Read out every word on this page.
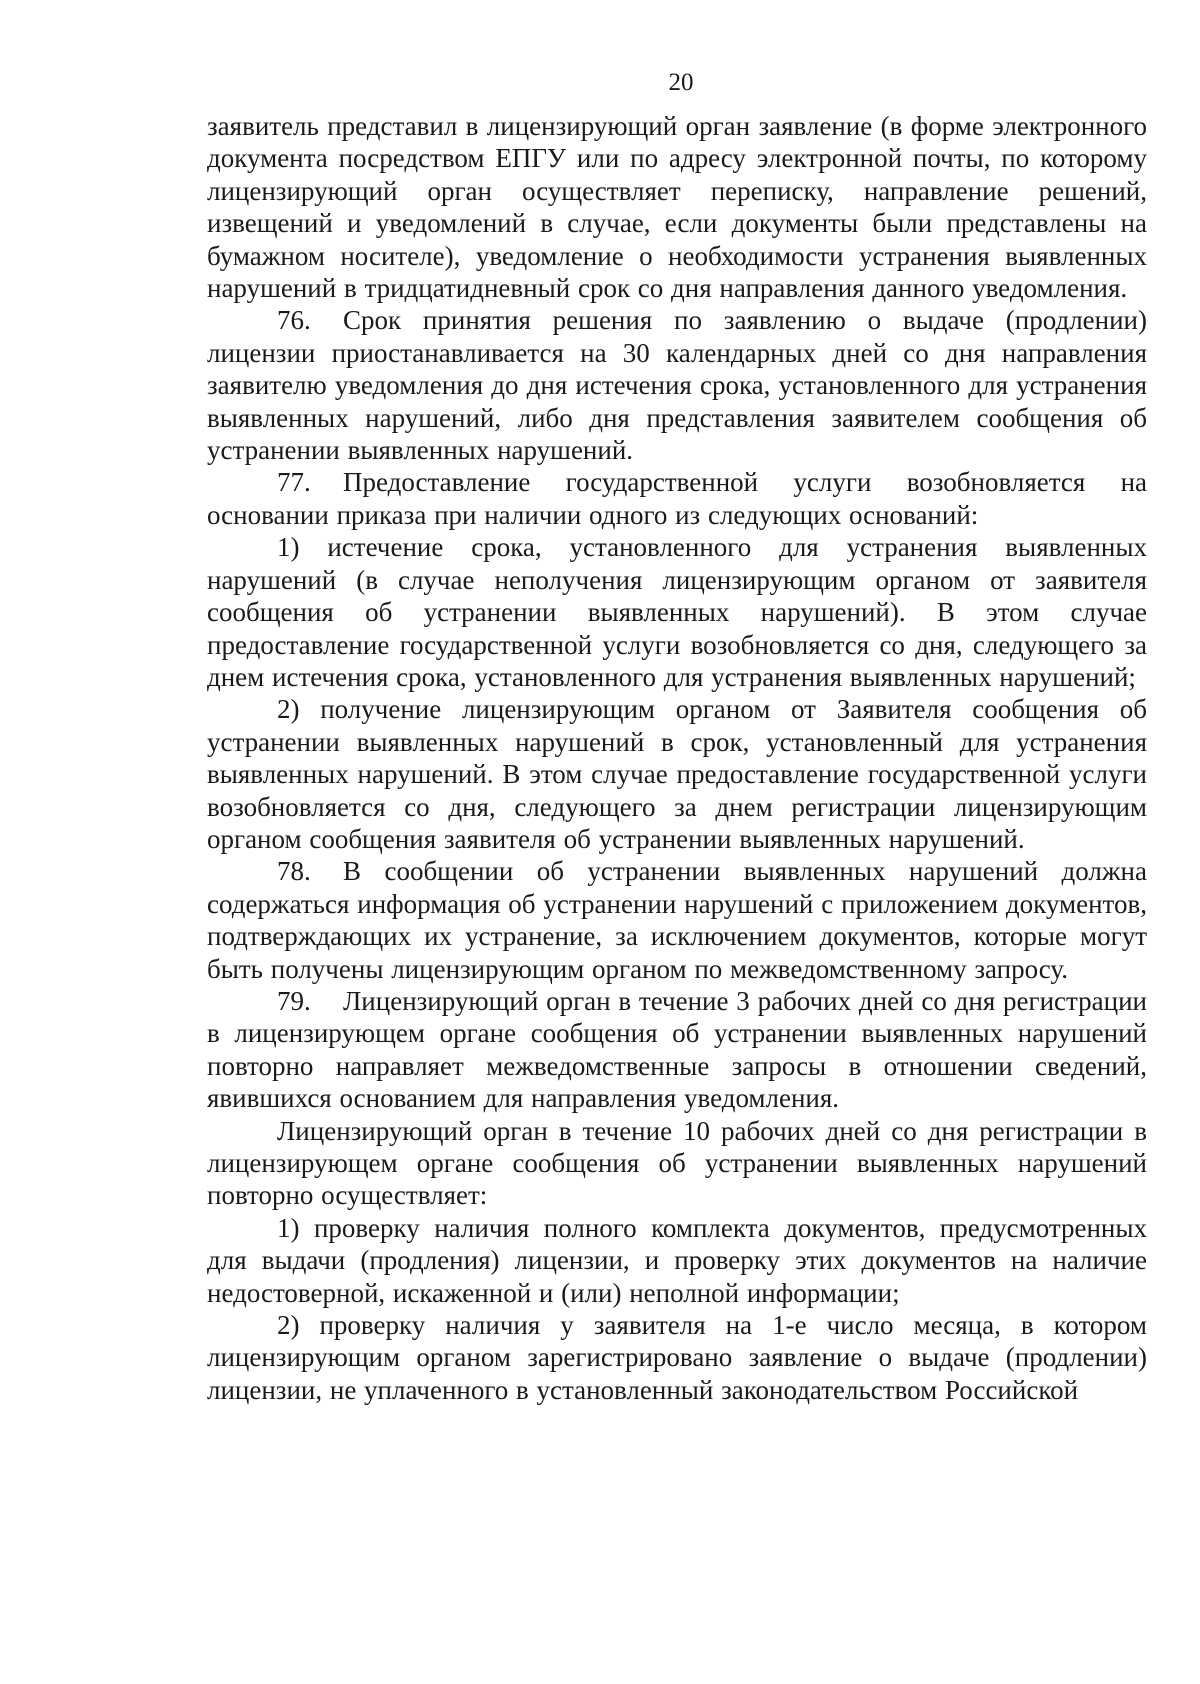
20

заявитель представил в лицензирующий орган заявление (в форме электронного документа посредством ЕПГУ или по адресу электронной почты, по которому лицензирующий орган осуществляет переписку, направление решений, извещений и уведомлений в случае, если документы были представлены на бумажном носителе), уведомление о необходимости устранения выявленных нарушений в тридцатидневный срок со дня направления данного уведомления.

76. Срок принятия решения по заявлению о выдаче (продлении) лицензии приостанавливается на 30 календарных дней со дня направления заявителю уведомления до дня истечения срока, установленного для устранения выявленных нарушений, либо дня представления заявителем сообщения об устранении выявленных нарушений.

77. Предоставление государственной услуги возобновляется на основании приказа при наличии одного из следующих оснований:

1) истечение срока, установленного для устранения выявленных нарушений (в случае неполучения лицензирующим органом от заявителя сообщения об устранении выявленных нарушений). В этом случае предоставление государственной услуги возобновляется со дня, следующего за днем истечения срока, установленного для устранения выявленных нарушений;

2) получение лицензирующим органом от Заявителя сообщения об устранении выявленных нарушений в срок, установленный для устранения выявленных нарушений. В этом случае предоставление государственной услуги возобновляется со дня, следующего за днем регистрации лицензирующим органом сообщения заявителя об устранении выявленных нарушений.

78. В сообщении об устранении выявленных нарушений должна содержаться информация об устранении нарушений с приложением документов, подтверждающих их устранение, за исключением документов, которые могут быть получены лицензирующим органом по межведомственному запросу.

79. Лицензирующий орган в течение 3 рабочих дней со дня регистрации в лицензирующем органе сообщения об устранении выявленных нарушений повторно направляет межведомственные запросы в отношении сведений, явившихся основанием для направления уведомления.

Лицензирующий орган в течение 10 рабочих дней со дня регистрации в лицензирующем органе сообщения об устранении выявленных нарушений повторно осуществляет:

1) проверку наличия полного комплекта документов, предусмотренных для выдачи (продления) лицензии, и проверку этих документов на наличие недостоверной, искаженной и (или) неполной информации;

2) проверку наличия у заявителя на 1-е число месяца, в котором лицензирующим органом зарегистрировано заявление о выдаче (продлении) лицензии, не уплаченного в установленный законодательством Российской
